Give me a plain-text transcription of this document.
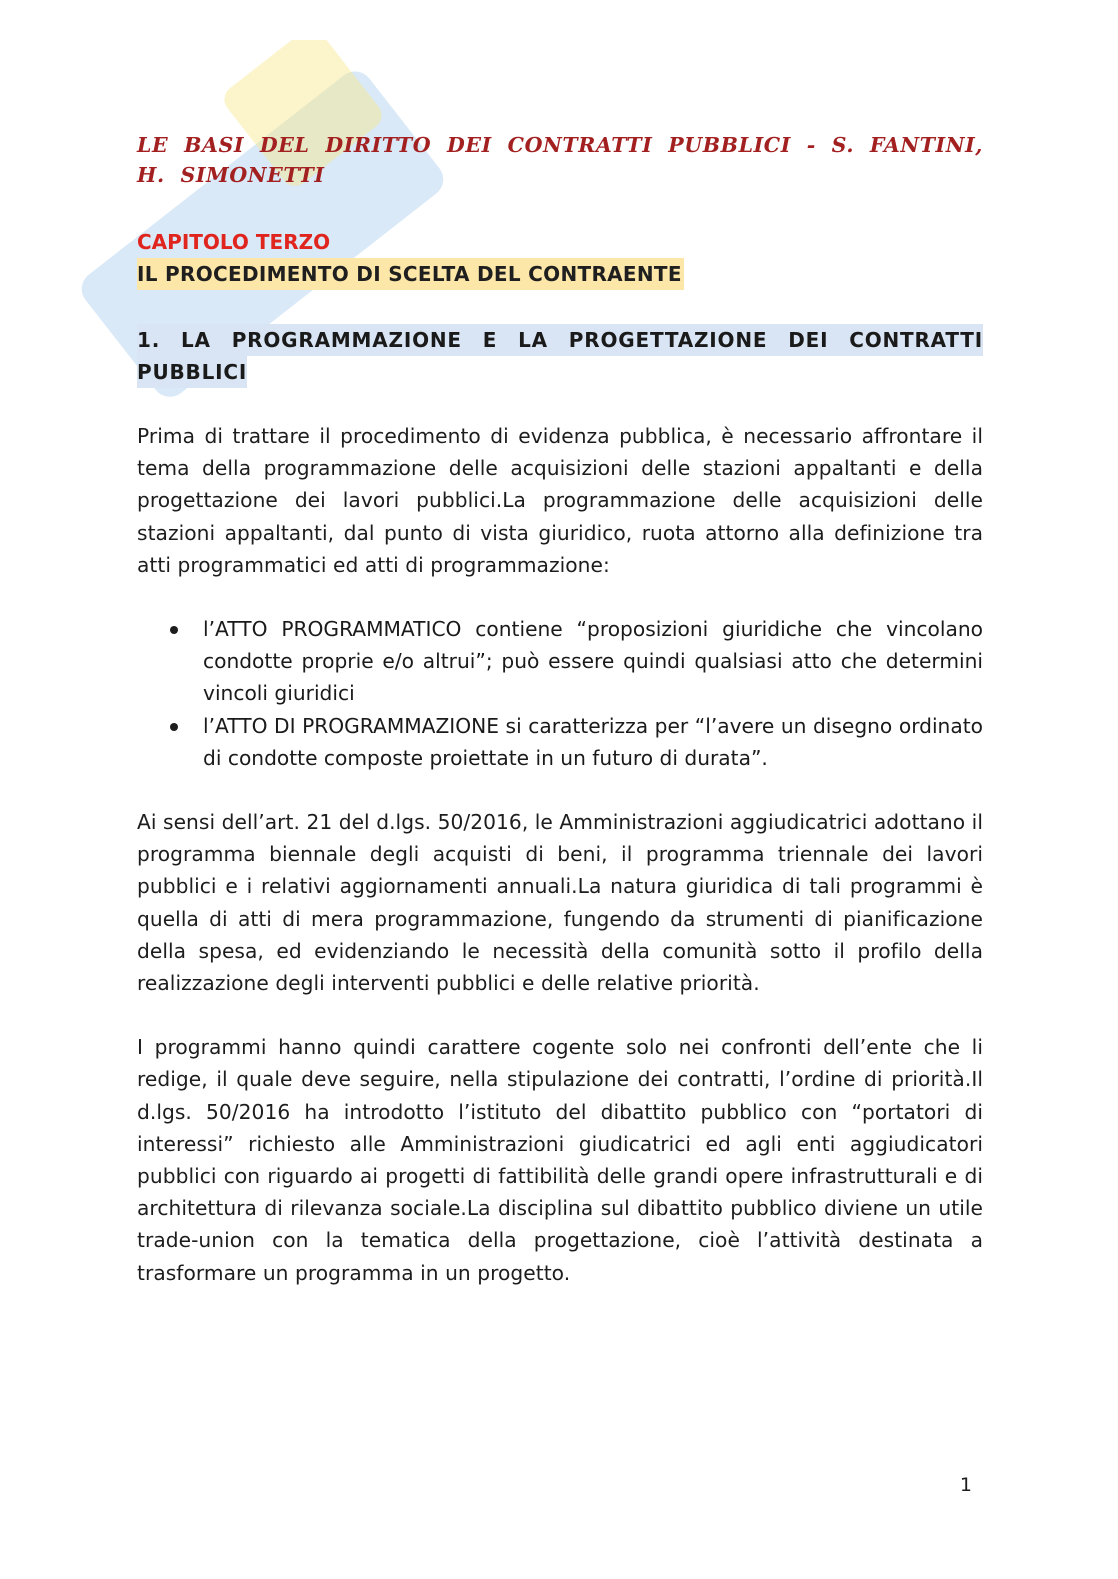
LE BASI DEL DIRITTO DEI CONTRATTI PUBBLICI - S. FANTINI, H. SIMONETTI
CAPITOLO TERZO
IL PROCEDIMENTO DI SCELTA DEL CONTRAENTE
1. LA PROGRAMMAZIONE E LA PROGETTAZIONE DEI CONTRATTI
PUBBLICI

Prima di trattare il procedimento di evidenza pubblica, è necessario affrontare il tema della programmazione delle acquisizioni delle stazioni appaltanti e della progettazione dei lavori pubblici.La programmazione delle acquisizioni delle stazioni appaltanti, dal punto di vista giuridico, ruota attorno alla definizione tra atti programmatici ed atti di programmazione:

l’ATTO PROGRAMMATICO contiene “proposizioni giuridiche che vincolano condotte proprie e/o altrui”; può essere quindi qualsiasi atto che determini vincoli giuridici
l’ATTO DI PROGRAMMAZIONE si caratterizza per “l’avere un disegno ordinato di condotte composte proiettate in un futuro di durata”.

Ai sensi dell’art. 21 del d.lgs. 50/2016, le Amministrazioni aggiudicatrici adottano il programma biennale degli acquisti di beni, il programma triennale dei lavori pubblici e i relativi aggiornamenti annuali.La natura giuridica di tali programmi è quella di atti di mera programmazione, fungendo da strumenti di pianificazione della spesa, ed evidenziando le necessità della comunità sotto il profilo della realizzazione degli interventi pubblici e delle relative priorità.

I programmi hanno quindi carattere cogente solo nei confronti dell’ente che li redige, il quale deve seguire, nella stipulazione dei contratti, l’ordine di priorità.Il d.lgs. 50/2016 ha introdotto l’istituto del dibattito pubblico con “portatori di interessi” richiesto alle Amministrazioni giudicatrici ed agli enti aggiudicatori pubblici con riguardo ai progetti di fattibilità delle grandi opere infrastrutturali e di architettura di rilevanza sociale.La disciplina sul dibattito pubblico diviene un utile trade-union con la tematica della progettazione, cioè l’attività destinata a trasformare un programma in un progetto.

1
